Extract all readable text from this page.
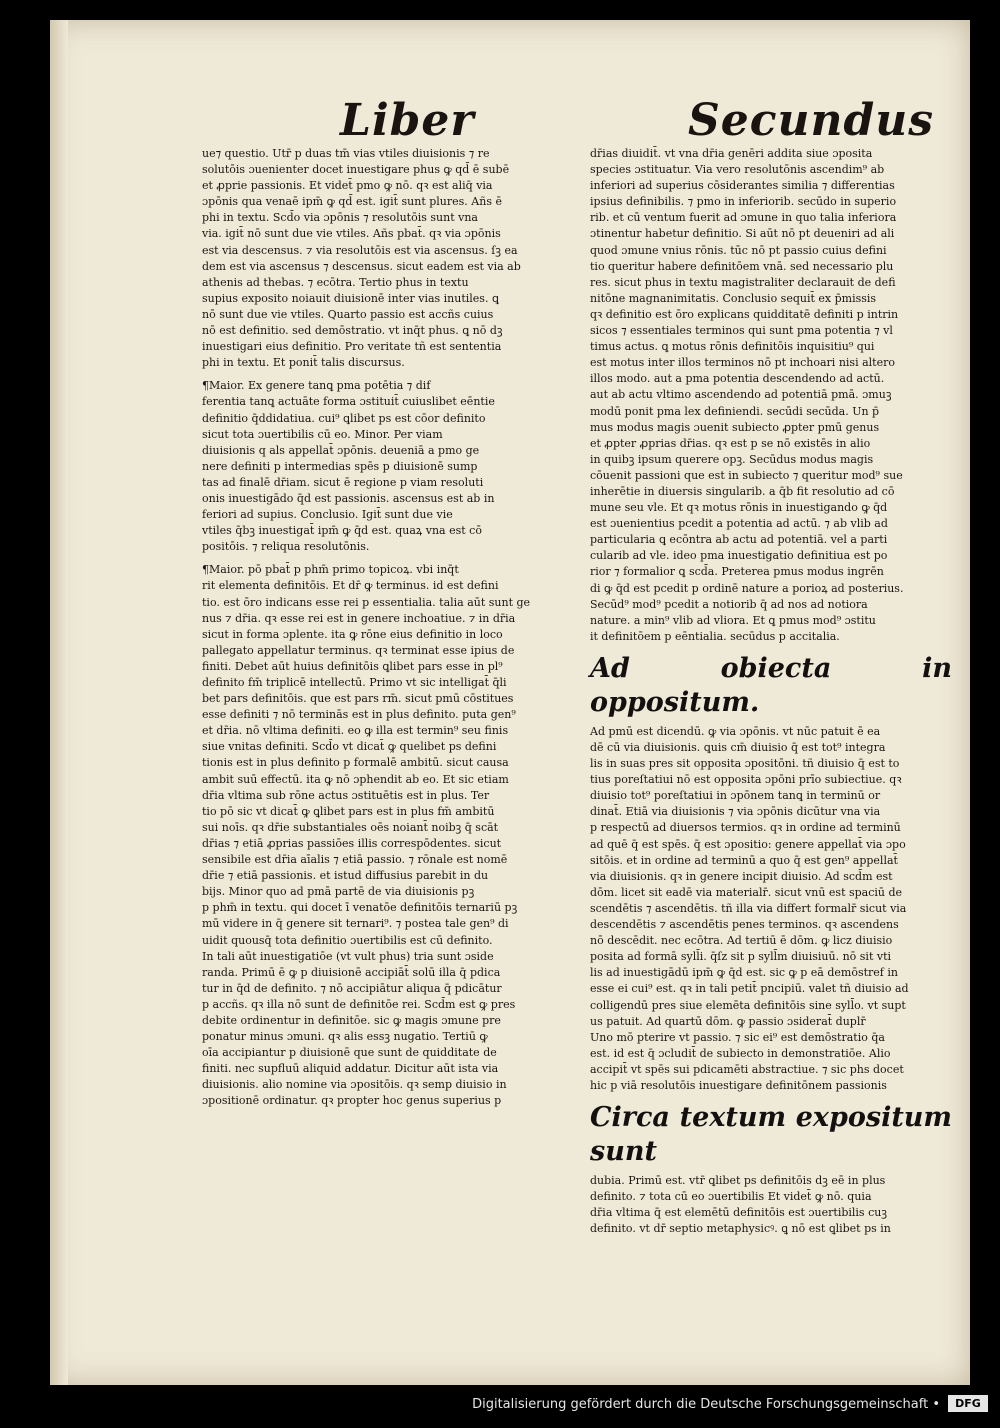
Liber	Secundus

ue⁊ questio. Utr̄ p duas tm̄ vias vtiles diuisionis ⁊ re
solutōis ɔuenienter docet inuestigare phus ꝙ qd̄ ē subē
et ꝓprie passionis. Et videt̄ pmo ꝙ nō. qꝛ est aliq̄ via
ɔpōnis qua venaē ipm̄ ꝙ qd̄ est. igit̄ sunt plures. Añs ē
phi in textu. Scd̄o via ɔpōnis ⁊ resolutōis sunt vna
via. igit̄ nō sunt due vie vtiles. Añs pbat̄. qꝛ via ɔpōnis
est via descensus. ⁊ via resolutōis est via ascensus. ſꝫ ea
dem est via ascensus ⁊ descensus. sicut eadem est via ab
athenis ad thebas. ⁊ ecōtra. Tertio phus in textu
supius exposito noiauit diuisionē inter vias inutiles. ꝗ
nō sunt due vie vtiles. Quarto passio est accñs cuius
nō est definitio. sed demōstratio. vt inq̄t phus. ꝗ nō dꝫ
inuestigari eius definitio. Pro veritate tñ est sententia
phi in textu. Et ponit̄ talis discursus.

¶Maior. Ex genere tanꝗ pma potētia ⁊ dif
ferentia tanꝗ actuāte forma ɔstituit̄ cuiuslibet eēntie
definitio q̄ddidatiua. cui⁹ ꝗlibet ps est cōor definito
sicut tota ɔuertibilis cū eo. Minor. Per viam
diuisionis q als appellat̄ ɔpōnis. deueniā a pmo ge
nere definiti p intermedias spēs p diuisionē sump
tas ad finalē dr̄iam. sicut ē regione p viam resoluti
onis inuestigādo q̄d est passionis. ascensus est ab in
feriori ad supius. Conclusio. Igit̄ sunt due vie
vtiles q̄bꝫ inuestigat̄ ipm̄ ꝙ q̄d est. quaꝝ vna est cō
positōis. ⁊ reliqua resolutōnis.

¶Maior. pō pbat̄ p phm̄ primo topicoꝝ. vbi inq̄t
rit elementa definitōis. Et dr̄ ꝙ terminus. id est defini
tio. est ōro indicans esse rei p essentialia. talia aūt sunt ge
nus ⁊ dr̄ia. qꝛ esse rei est in genere inchoatiue. ⁊ in dr̄ia
sicut in forma ɔplente. ita ꝙ rōne eius definitio in loco
pallegato appellatur terminus. qꝛ terminat esse ipius de
finiti. Debet aūt huius definitōis ꝗlibet pars esse in pl⁹
definito fm̄ triplicē intellectū. Primo vt sic intelligat̄ q̄li
bet pars definitōis. que est pars rm̄. sicut pmū cōstitues
esse definiti ⁊ nō terminās est in plus definito. puta gen⁹
et dr̄ia. nō vltima definiti. eo ꝙ illa est termin⁹ seu finis
siue vnitas definiti. Scd̄o vt dicat̄ ꝙ quelibet ps defini
tionis est in plus definito p formalē ambitū. sicut causa
ambit suū effectū. ita ꝙ nō ɔphendit ab eo. Et sic etiam
dr̄ia vltima sub rōne actus ɔstituētis est in plus. Ter
tio pō sic vt dicat̄ ꝙ ꝗlibet pars est in plus fm̄ ambitū
sui noīs. qꝛ dr̄ie substantiales oēs noiant̄ noibꝫ q̄ scāt
dr̄ias ⁊ etiā ꝓprias passiōes illis correspōdentes. sicut
sensibile est dr̄ia aīalis ⁊ etiā passio. ⁊ rōnale est nomē
dr̄ie ⁊ etiā passionis. et istud diffusius parebit in du
bijs. Minor quo ad pmā partē de via diuisionis pꝫ
p phm̄ in textu. qui docet ī venatōe definitōis ternariū pꝫ
mū videre in q̄ genere sit ternari⁹. ⁊ postea tale gen⁹ di
uidit quousq̄ tota definitio ɔuertibilis est cū definito.
In tali aūt inuestigatiōe (vt vult phus) tria sunt ɔside
randa. Primū ē ꝙ p diuisionē accipiāt̄ solū illa q̄ pdica
tur in q̄d de definito. ⁊ nō accipiātur aliqua q̄ pdicātur
p accñs. qꝛ illa nō sunt de definitōe rei. Scd̄m est ꝙ pres
debite ordinentur in definitōe. sic ꝙ magis ɔmune pre
ponatur minus ɔmuni. qꝛ alis essꝫ nugatio. Tertiū ꝙ
oīa accipiantur p diuisionē que sunt de quidditate de
finiti. nec supfluū aliquid addatur. Dicitur aūt ista via
diuisionis. alio nomine via ɔpositōis. qꝛ semp diuisio in
ɔpositionē ordinatur. qꝛ propter hoc genus superius p

dr̄ias diuidit̄. vt vna dr̄ia genēri addita siue ɔposita
species ɔstituatur. Via vero resolutōnis ascendim⁹ ab
inferiori ad superius cōsiderantes similia ⁊ differentias
ipsius definibilis. ⁊ pmo in inferiorib. secūdo in superio
rib. et cū ventum fuerit ad ɔmune in quo talia inferiora
ɔtinentur habetur definitio. Si aūt nō pt deueniri ad ali
quod ɔmune vnius rōnis. tūc nō pt passio cuius defini
tio queritur habere definitōem vnā. sed necessario plu
res. sicut phus in textu magistraliter declarauit de defi
nitōne magnanimitatis. Conclusio sequit̄ ex p̄missis
qꝛ definitio est ōro explicans quidditatē definiti p intrin
sicos ⁊ essentiales terminos qui sunt pma potentia ⁊ vl
timus actus. ꝗ motus rōnis definitōis inquisitiu⁹ qui
est motus inter illos terminos nō pt inchoari nisi altero
illos modo. aut a pma potentia descendendo ad actū.
aut ab actu vltimo ascendendo ad potentiā pmā. ɔmuꝫ
modū ponit pma lex definiendi. secūdi secūda. Un p̄
mus modus magis ɔuenit subiecto ꝓpter pmū genus
et ꝓpter ꝓprias dr̄ias. qꝛ est p se nō existēs in alio
in quibꝫ ipsum querere opꝫ. Secūdus modus magis
cōuenit passioni que est in subiecto ⁊ queritur mod⁹ sue
inherētie in diuersis singularib. a q̄b fit resolutio ad cō
mune seu vle. Et qꝛ motus rōnis in inuestigando ꝙ q̄d
est ɔuenientius pcedit a potentia ad actū. ⁊ ab vlib ad
particularia ꝗ ecōntra ab actu ad potentiā. vel a parti
cularib ad vle. ideo pma inuestigatio definitiua est po
rior ⁊ formalior ꝗ scd̄a. Preterea pmus modus ingrēn
di ꝙ q̄d est pcedit p ordinē nature a porioꝝ ad posterius.
Secūd⁹ mod⁹ pcedit a notiorib q̄ ad nos ad notiora
nature. a min⁹ vlib ad vliora. Et ꝗ pmus mod⁹ ɔstitu
it definitōem p eēntialia. secūdus p accitalia.

Ad obiecta in oppositum.

Ad pmū est dicendū. ꝙ via ɔpōnis. vt nūc patuit ē ea
dē cū via diuisionis. ꝗuis cm̄ diuisio q̄ est tot⁹ integra
lis in suas pres sit opposita ɔpositōni. tñ diuisio q̄ est to
tius poreſtatiui nō est opposita ɔpōni prīo subiectiue. qꝛ
diuisio tot⁹ poreſtatiui in ɔpōnem tanꝗ in terminū or
dinat̄. Etiā via diuisionis ⁊ via ɔpōnis dicūtur vna via
p respectū ad diuersos termios. qꝛ in ordine ad terminū
ad quē q̄ est spēs. q̄ est ɔpositio: genere appellat̄ via ɔpo
sitōis. et in ordine ad terminū a quo q̄ est gen⁹ appellat̄
via diuisionis. qꝛ in genere incipit diuisio. Ad scd̄m est
dōm. licet sit eadē via materialr̄. sicut vnū est spaciū de
scendētis ⁊ ascendētis. tñ illa via differt formalr̄ sicut via
descendētis ⁊ ascendētis penes terminos. qꝛ ascendens
nō descēdit. nec ecōtra. Ad tertiū ē dōm. ꝙ licz diuisio
posita ad formā syll̄i. q̄ſz sit p syll̄m diuisiuū. nō sit vti
lis ad inuestigādū ipm̄ ꝙ q̄d est. sic ꝙ p eā demōstref in
esse ei cui⁹ est. qꝛ in tali petit̄ pncipiū. valet tñ diuisio ad
colligendū pres siue elemēta definitōis sine syll̄o. vt supt
us patuit. Ad quartū dōm. ꝙ passio ɔsiderat̄ duplr̄
Uno mō pterire vt passio. ⁊ sic ei⁹ est demōstratio q̄a
est. id est q̄ ɔcludit̄ de subiecto in demonstratiōe. Alio
accipit̄ vt spēs sui pdicamēti abstractiue. ⁊ sic phs docet
hic p viā resolutōis inuestigare definitōnem passionis

Circa textum expositum sunt

dubia. Primū est. vtr̄ ꝗlibet ps definitōis dꝫ eē in plus
definito. ⁊ tota cū eo ɔuertibilis Et videt̄ ꝙ nō. quia
dr̄ia vltima q̄ est elemētū definitōis est ɔuertibilis cuꝫ
definito. vt dr̄ septio metaphysicꝰ. ꝗ nō est ꝗlibet ps in

Digitalisierung gefördert durch die Deutsche Forschungsgemeinschaft •	DFG
